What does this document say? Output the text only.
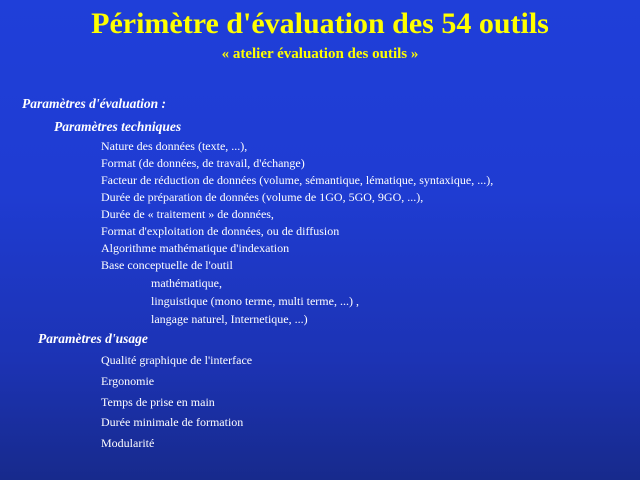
Périmètre d'évaluation des 54 outils
« atelier évaluation des outils »
Paramètres d'évaluation :
Paramètres techniques
Nature des données (texte, ...),
Format (de données, de travail, d'échange)
Facteur de réduction de données (volume, sémantique, lématique, syntaxique, ...),
Durée de préparation de données (volume de 1GO, 5GO, 9GO, ...),
Durée de « traitement » de données,
Format d'exploitation de données, ou de diffusion
Algorithme mathématique d'indexation
Base conceptuelle de l'outil
mathématique,
linguistique (mono terme, multi terme, ...) ,
langage naturel, Internetique, ...)
Paramètres d'usage
Qualité graphique de l'interface
Ergonomie
Temps de prise en main
Durée minimale de formation
Modularité
